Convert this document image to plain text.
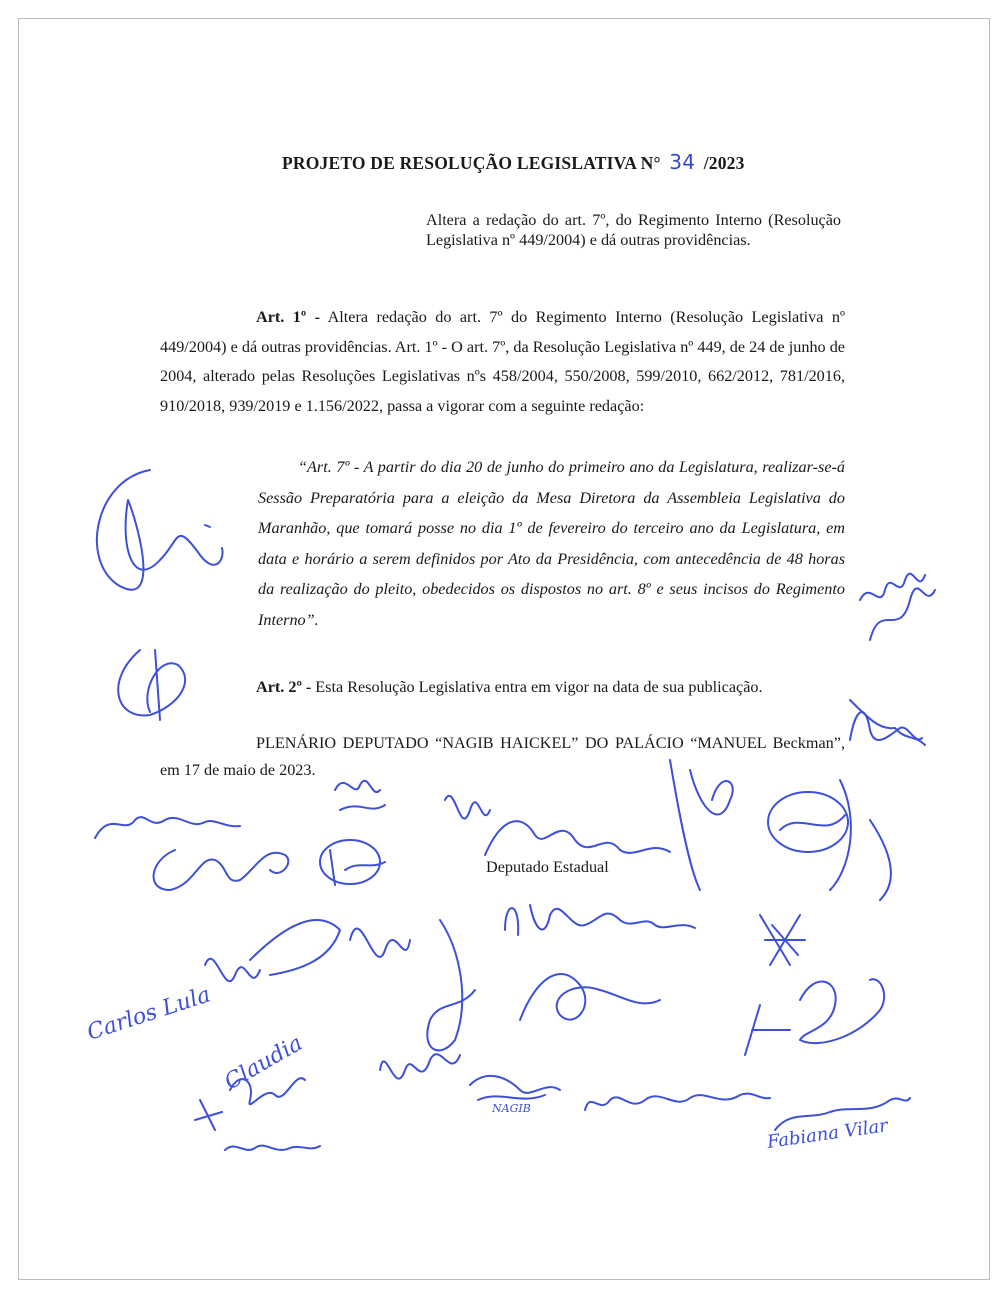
PROJETO DE RESOLUÇÃO LEGISLATIVA N° 34 /2023
Altera a redação do art. 7º, do Regimento Interno (Resolução Legislativa nº 449/2004) e dá outras providências.
Art. 1º - Altera redação do art. 7º do Regimento Interno (Resolução Legislativa nº 449/2004) e dá outras providências. Art. 1º - O art. 7º, da Resolução Legislativa nº 449, de 24 de junho de 2004, alterado pelas Resoluções Legislativas nºs 458/2004, 550/2008, 599/2010, 662/2012, 781/2016, 910/2018, 939/2019 e 1.156/2022, passa a vigorar com a seguinte redação:
“Art. 7º - A partir do dia 20 de junho do primeiro ano da Legislatura, realizar-se-á Sessão Preparatória para a eleição da Mesa Diretora da Assembleia Legislativa do Maranhão, que tomará posse no dia 1º de fevereiro do terceiro ano da Legislatura, em data e horário a serem definidos por Ato da Presidência, com antecedência de 48 horas da realização do pleito, obedecidos os dispostos no art. 8º e seus incisos do Regimento Interno”.
Art. 2º - Esta Resolução Legislativa entra em vigor na data de sua publicação.
PLENÁRIO DEPUTADO “NAGIB HAICKEL” DO PALÁCIO “MANUEL Beckman”, em 17 de maio de 2023.
Deputado Estadual
Carlos Lula
Claudia
NAGIB
Fabiana Vilar
